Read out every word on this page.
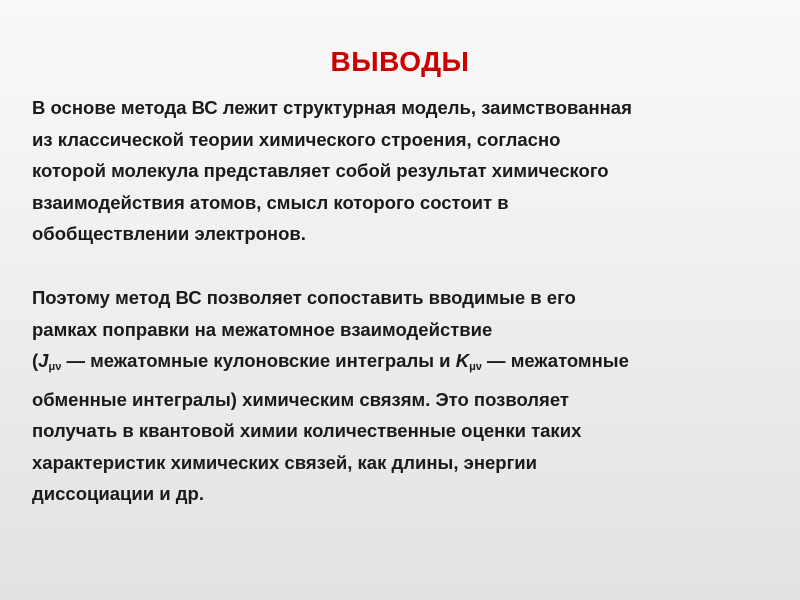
ВЫВОДЫ
В основе метода ВС лежит структурная модель, заимствованная
из классической теории химического строения, согласно
которой молекула представляет собой результат химического
взаимодействия атомов, смысл которого состоит в
обобществлении электронов.
Поэтому метод ВС позволяет сопоставить вводимые в его
рамках поправки на межатомное взаимодействие
($J_{\mu\nu}$ — межатомные кулоновские интегралы и $K_{\mu\nu}$ — межатомные
обменные интегралы) химическим связям. Это позволяет
получать в квантовой химии количественные оценки таких
характеристик химических связей, как длины, энергии
диссоциации и др.
